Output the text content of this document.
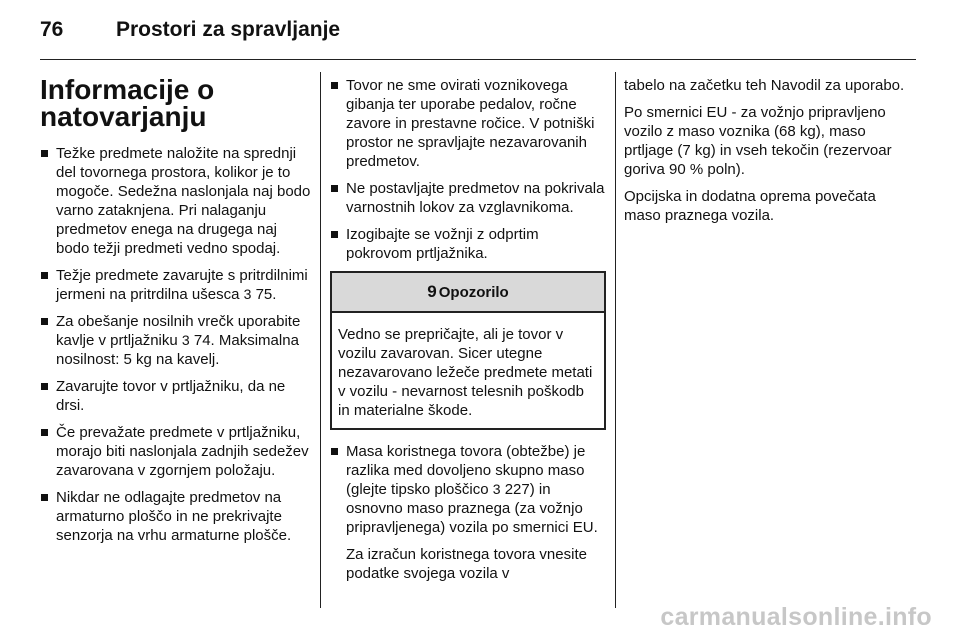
76	Prostori za spravljanje
Informacije o natovarjanju
Težke predmete naložite na sprednji del tovornega prostora, kolikor je to mogoče. Sedežna naslonjala naj bodo varno zataknjena. Pri nalaganju predmetov enega na drugega naj bodo težji predmeti vedno spodaj.
Težje predmete zavarujte s pritrdilnimi jermeni na pritrdilna ušesca 3 75.
Za obešanje nosilnih vrečk uporabite kavlje v prtljažniku 3 74. Maksimalna nosilnost: 5 kg na kavelj.
Zavarujte tovor v prtljažniku, da ne drsi.
Če prevažate predmete v prtljažniku, morajo biti naslonjala zadnjih sedežev zavarovana v zgornjem položaju.
Nikdar ne odlagajte predmetov na armaturno ploščo in ne prekrivajte senzorja na vrhu armaturne plošče.
Tovor ne sme ovirati voznikovega gibanja ter uporabe pedalov, ročne zavore in prestavne ročice. V potniški prostor ne spravljajte nezavarovanih predmetov.
Ne postavljajte predmetov na pokrivala varnostnih lokov za vzglavnikoma.
Izogibajte se vožnji z odprtim pokrovom prtljažnika.
9 Opozorilo
Vedno se prepričajte, ali je tovor v vozilu zavarovan. Sicer utegne nezavarovano ležeče predmete metati v vozilu - nevarnost telesnih poškodb in materialne škode.
Masa koristnega tovora (obtežbe) je razlika med dovoljeno skupno maso (glejte tipsko ploščico 3 227) in osnovno maso praznega (za vožnjo pripravljenega) vozila po smernici EU.

Za izračun koristnega tovora vnesite podatke svojega vozila v

tabelo na začetku teh Navodil za uporabo.

Po smernici EU - za vožnjo pripravljeno vozilo z maso voznika (68 kg), maso prtljage (7 kg) in vseh tekočin (rezervoar goriva 90 % poln).

Opcijska in dodatna oprema povečata maso praznega vozila.

carmanualsonline.info
